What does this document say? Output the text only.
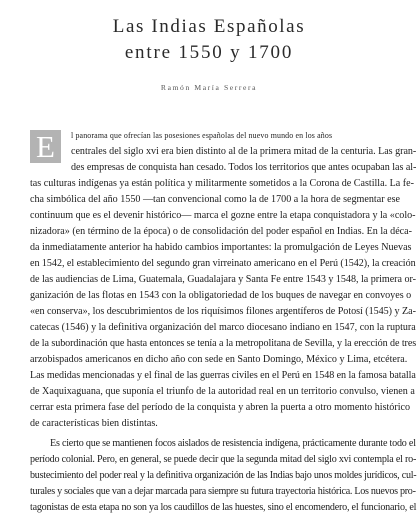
Las Indias Españolas
entre 1550 y 1700
Ramón María Serrera
E	l panorama que ofrecían las posesiones españolas del nuevo mundo en los años
centrales del siglo xvi era bien distinto al de la primera mitad de la centuria. Las gran-
des empresas de conquista han cesado. Todos los territorios que antes ocupaban las al-
tas culturas indígenas ya están política y militarmente sometidos a la Corona de Castilla. La fe-
cha simbólica del año 1550 —tan convencional como la de 1700 a la hora de segmentar ese
continuum que es el devenir histórico— marca el gozne entre la etapa conquistadora y la «colo-
nizadora» (en término de la época) o de consolidación del poder español en Indias. En la déca-
da inmediatamente anterior ha habido cambios importantes: la promulgación de Leyes Nuevas
en 1542, el establecimiento del segundo gran virreinato americano en el Perú (1542), la creación
de las audiencias de Lima, Guatemala, Guadalajara y Santa Fe entre 1543 y 1548, la primera or-
ganización de las flotas en 1543 con la obligatoriedad de los buques de navegar en convoyes o
«en conserva», los descubrimientos de los riquísimos filones argentíferos de Potosí (1545) y Za-
catecas (1546) y la definitiva organización del marco diocesano indiano en 1547, con la ruptura
de la subordinación que hasta entonces se tenía a la metropolitana de Sevilla, y la erección de tres
arzobispados americanos en dicho año con sede en Santo Domingo, México y Lima, etcétera.
Las medidas mencionadas y el final de las guerras civiles en el Perú en 1548 en la famosa batalla
de Xaquixaguana, que suponía el triunfo de la autoridad real en un territorio convulso, vienen a
cerrar esta primera fase del período de la conquista y abren la puerta a otro momento histórico
de características bien distintas.
Es cierto que se mantienen focos aislados de resistencia indígena, prácticamente durante todo el
período colonial. Pero, en general, se puede decir que la segunda mitad del siglo xvi contempla el ro-
bustecimiento del poder real y la definitiva organización de las Indias bajo unos moldes jurídicos, cul-
turales y sociales que van a dejar marcada para siempre su futura trayectoria histórica. Los nuevos pro-
tagonistas de esta etapa no son ya los caudillos de las huestes, sino el encomendero, el funcionario, el
